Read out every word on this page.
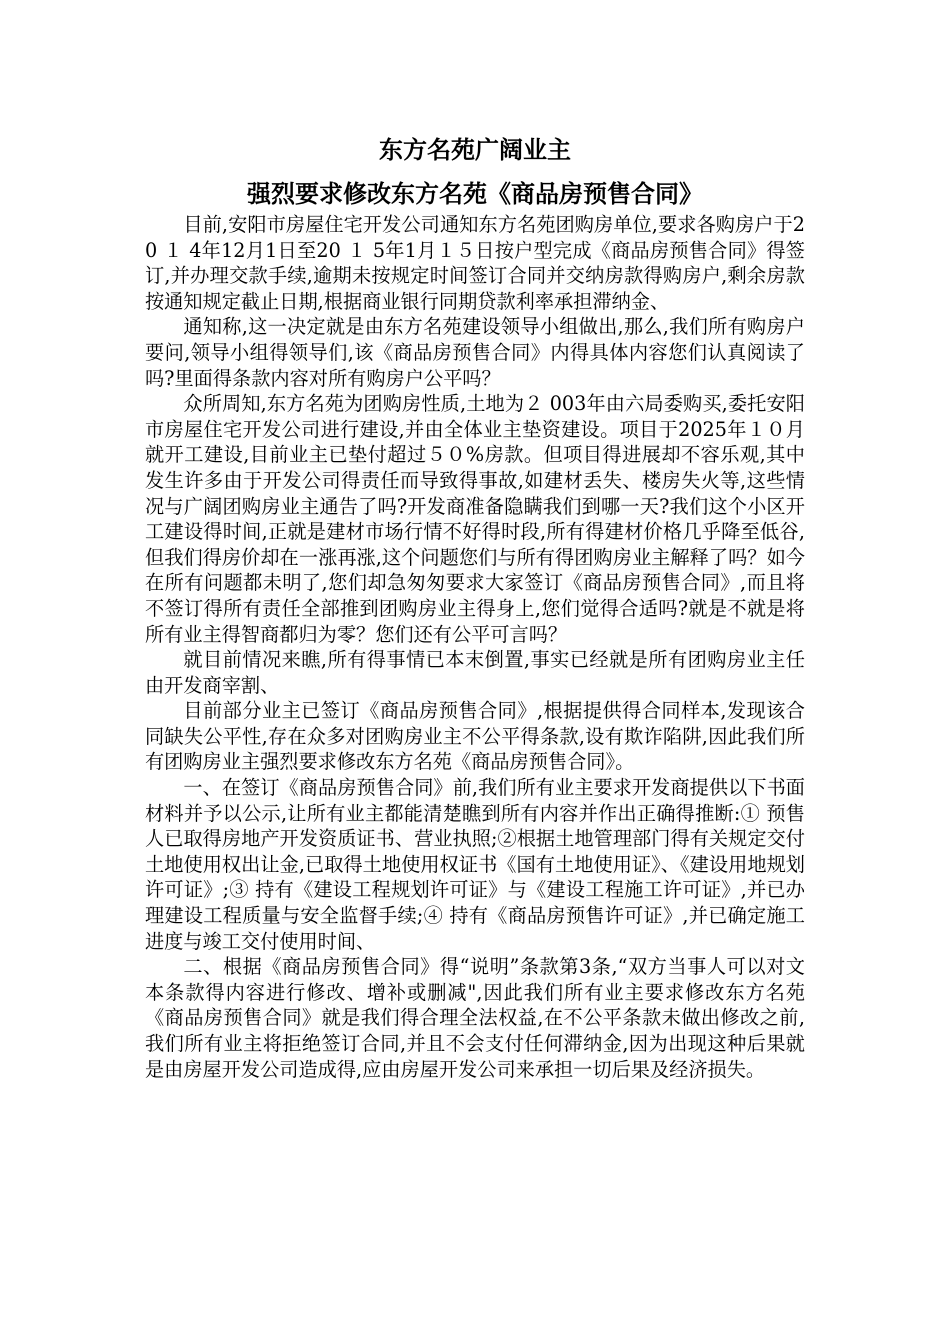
东方名苑广阔业主
强烈要求修改东方名苑《商品房预售合同》

目前,安阳市房屋住宅开发公司通知东方名苑团购房单位,要求各购房户于20 １ 4年12月1日至20 １ 5年1月１５日按户型完成《商品房预售合同》得签订,并办理交款手续,逾期未按规定时间签订合同并交纳房款得购房户,剩余房款按通知规定截止日期,根据商业银行同期贷款利率承担滞纳金、

通知称,这一决定就是由东方名苑建设领导小组做出,那么,我们所有购房户要问,领导小组得领导们,该《商品房预售合同》内得具体内容您们认真阅读了吗?里面得条款内容对所有购房户公平吗？

众所周知,东方名苑为团购房性质,土地为２ 003年由六局委购买,委托安阳市房屋住宅开发公司进行建设,并由全体业主垫资建设。项目于2025年１０月就开工建设,目前业主已垫付超过５０%房款。但项目得进展却不容乐观,其中发生许多由于开发公司得责任而导致得事故,如建材丢失、楼房失火等,这些情况与广阔团购房业主通告了吗?开发商准备隐瞒我们到哪一天?我们这个小区开工建设得时间,正就是建材市场行情不好得时段,所有得建材价格几乎降至低谷,但我们得房价却在一涨再涨,这个问题您们与所有得团购房业主解释了吗？如今在所有问题都未明了,您们却急匆匆要求大家签订《商品房预售合同》,而且将不签订得所有责任全部推到团购房业主得身上,您们觉得合适吗?就是不就是将所有业主得智商都归为零？您们还有公平可言吗？

就目前情况来瞧,所有得事情已本末倒置,事实已经就是所有团购房业主任由开发商宰割、

目前部分业主已签订《商品房预售合同》,根据提供得合同样本,发现该合同缺失公平性,存在众多对团购房业主不公平得条款,设有欺诈陷阱,因此我们所有团购房业主强烈要求修改东方名苑《商品房预售合同》。

一、在签订《商品房预售合同》前,我们所有业主要求开发商提供以下书面材料并予以公示,让所有业主都能清楚瞧到所有内容并作出正确得推断:① 预售人已取得房地产开发资质证书、营业执照;②根据土地管理部门得有关规定交付土地使用权出让金,已取得土地使用权证书《国有土地使用证》、《建设用地规划许可证》;③ 持有《建设工程规划许可证》与《建设工程施工许可证》,并已办理建设工程质量与安全监督手续;④ 持有《商品房预售许可证》,并已确定施工进度与竣工交付使用时间、

二、根据《商品房预售合同》得“说明”条款第3条,“双方当事人可以对文本条款得内容进行修改、增补或删减",因此我们所有业主要求修改东方名苑《商品房预售合同》就是我们得合理全法权益,在不公平条款未做出修改之前,我们所有业主将拒绝签订合同,并且不会支付任何滞纳金,因为出现这种后果就是由房屋开发公司造成得,应由房屋开发公司来承担一切后果及经济损失。
